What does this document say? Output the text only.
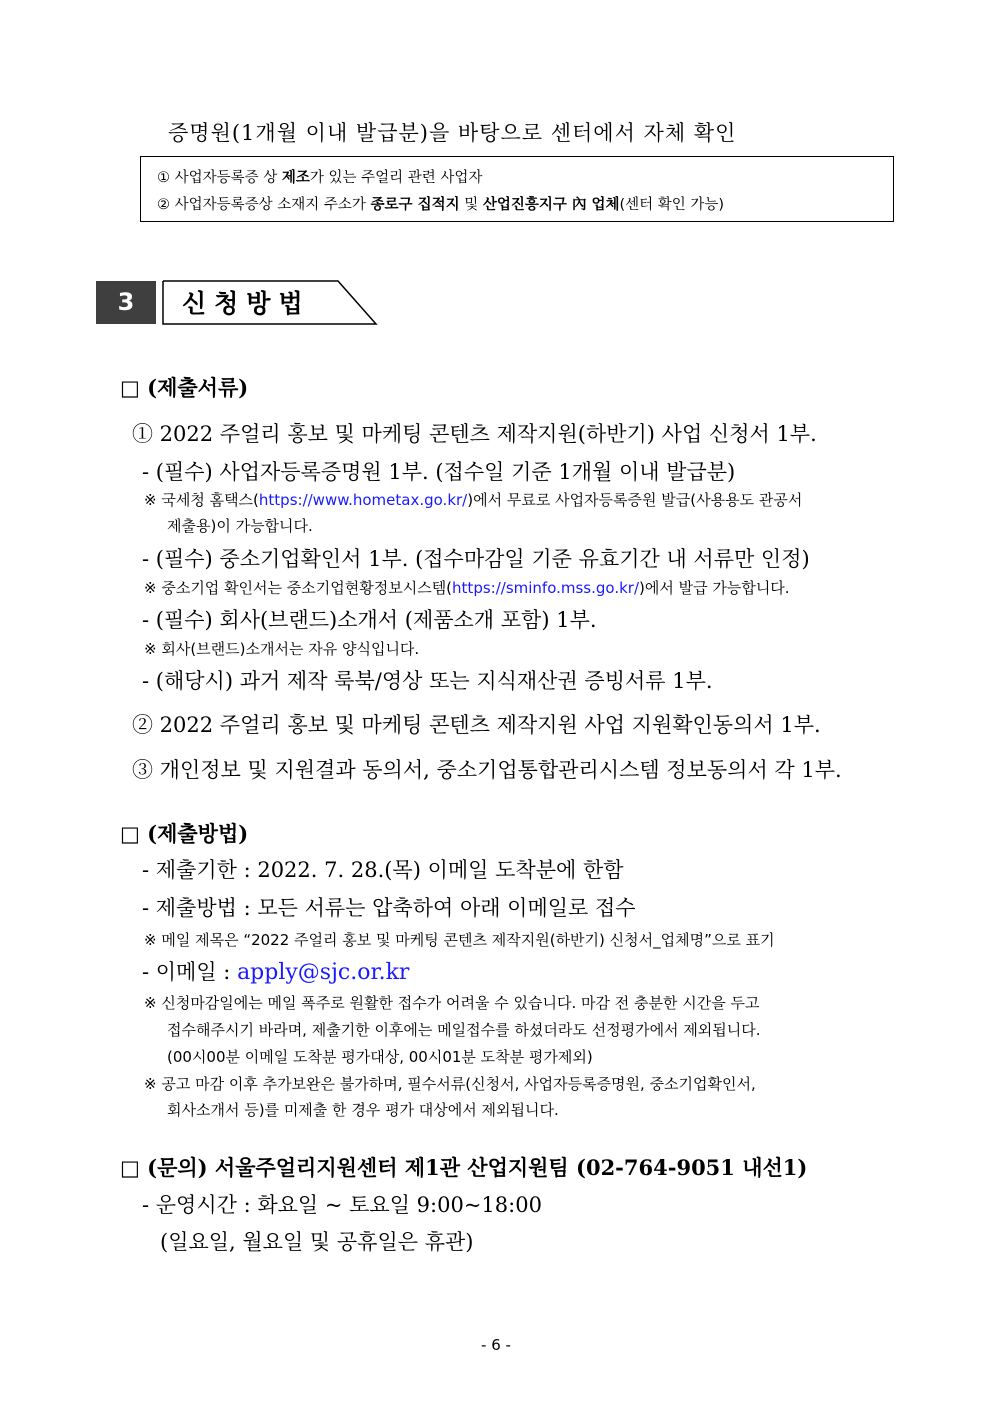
증명원(1개월 이내 발급분)을 바탕으로 센터에서 자체 확인
① 사업자등록증 상 제조가 있는 주얼리 관련 사업자
② 사업자등록증상 소재지 주소가 종로구 집적지 및 산업진흥지구 內 업체(센터 확인 가능)
3	신청방법
□ (제출서류)
① 2022 주얼리 홍보 및 마케팅 콘텐츠 제작지원(하반기) 사업 신청서 1부.
- (필수) 사업자등록증명원 1부. (접수일 기준 1개월 이내 발급분)
※ 국세청 홈택스(https://www.hometax.go.kr/)에서 무료로 사업자등록증원 발급(사용용도 관공서
제출용)이 가능합니다.
- (필수) 중소기업확인서 1부. (접수마감일 기준 유효기간 내 서류만 인정)
※ 중소기업 확인서는 중소기업현황정보시스템(https://sminfo.mss.go.kr/)에서 발급 가능합니다.
- (필수) 회사(브랜드)소개서 (제품소개 포함) 1부.
※ 회사(브랜드)소개서는 자유 양식입니다.
- (해당시) 과거 제작 룩북/영상 또는 지식재산권 증빙서류 1부.
② 2022 주얼리 홍보 및 마케팅 콘텐츠 제작지원 사업 지원확인동의서 1부.
③ 개인정보 및 지원결과 동의서, 중소기업통합관리시스템 정보동의서 각 1부.
□ (제출방법)
- 제출기한 : 2022. 7. 28.(목) 이메일 도착분에 한함
- 제출방법 : 모든 서류는 압축하여 아래 이메일로 접수
※ 메일 제목은 “2022 주얼리 홍보 및 마케팅 콘텐츠 제작지원(하반기) 신청서_업체명”으로 표기
- 이메일 : apply@sjc.or.kr
※ 신청마감일에는 메일 폭주로 원활한 접수가 어려울 수 있습니다. 마감 전 충분한 시간을 두고
접수해주시기 바라며, 제출기한 이후에는 메일접수를 하셨더라도 선정평가에서 제외됩니다.
(00시00분 이메일 도착분 평가대상, 00시01분 도착분 평가제외)
※ 공고 마감 이후 추가보완은 불가하며, 필수서류(신청서, 사업자등록증명원, 중소기업확인서,
회사소개서 등)를 미제출 한 경우 평가 대상에서 제외됩니다.
□ (문의) 서울주얼리지원센터 제1관 산업지원팀 (02-764-9051 내선1)
- 운영시간 : 화요일 ~ 토요일 9:00~18:00
(일요일, 월요일 및 공휴일은 휴관)
- 6 -
